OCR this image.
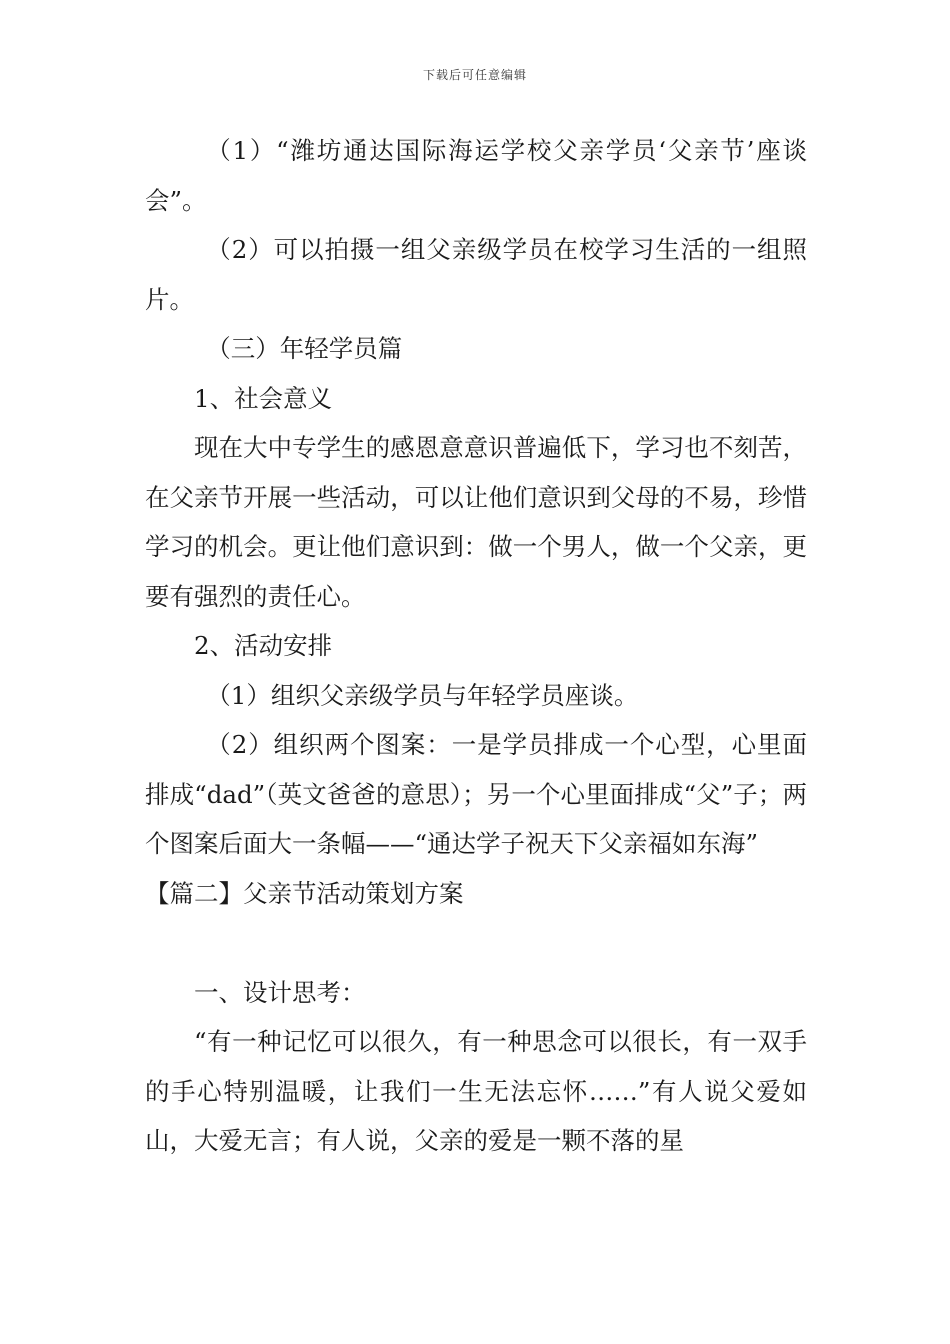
下载后可任意编辑

（1）“潍坊通达国际海运学校父亲学员‘父亲节’座谈会”。

（2）可以拍摄一组父亲级学员在校学习生活的一组照片。

（三）年轻学员篇

1、社会意义

现在大中专学生的感恩意意识普遍低下，学习也不刻苦，在父亲节开展一些活动，可以让他们意识到父母的不易，珍惜学习的机会。更让他们意识到：做一个男人，做一个父亲，更要有强烈的责任心。

2、活动安排

（1）组织父亲级学员与年轻学员座谈。

（2）组织两个图案：一是学员排成一个心型，心里面排成“dad”（英文爸爸的意思）；另一个心里面排成“父”子；两个图案后面大一条幅——“通达学子祝天下父亲福如东海”

【篇二】父亲节活动策划方案

一、设计思考：

“有一种记忆可以很久，有一种思念可以很长，有一双手的手心特别温暖，让我们一生无法忘怀……”有人说父爱如山，大爱无言；有人说，父亲的爱是一颗不落的星
